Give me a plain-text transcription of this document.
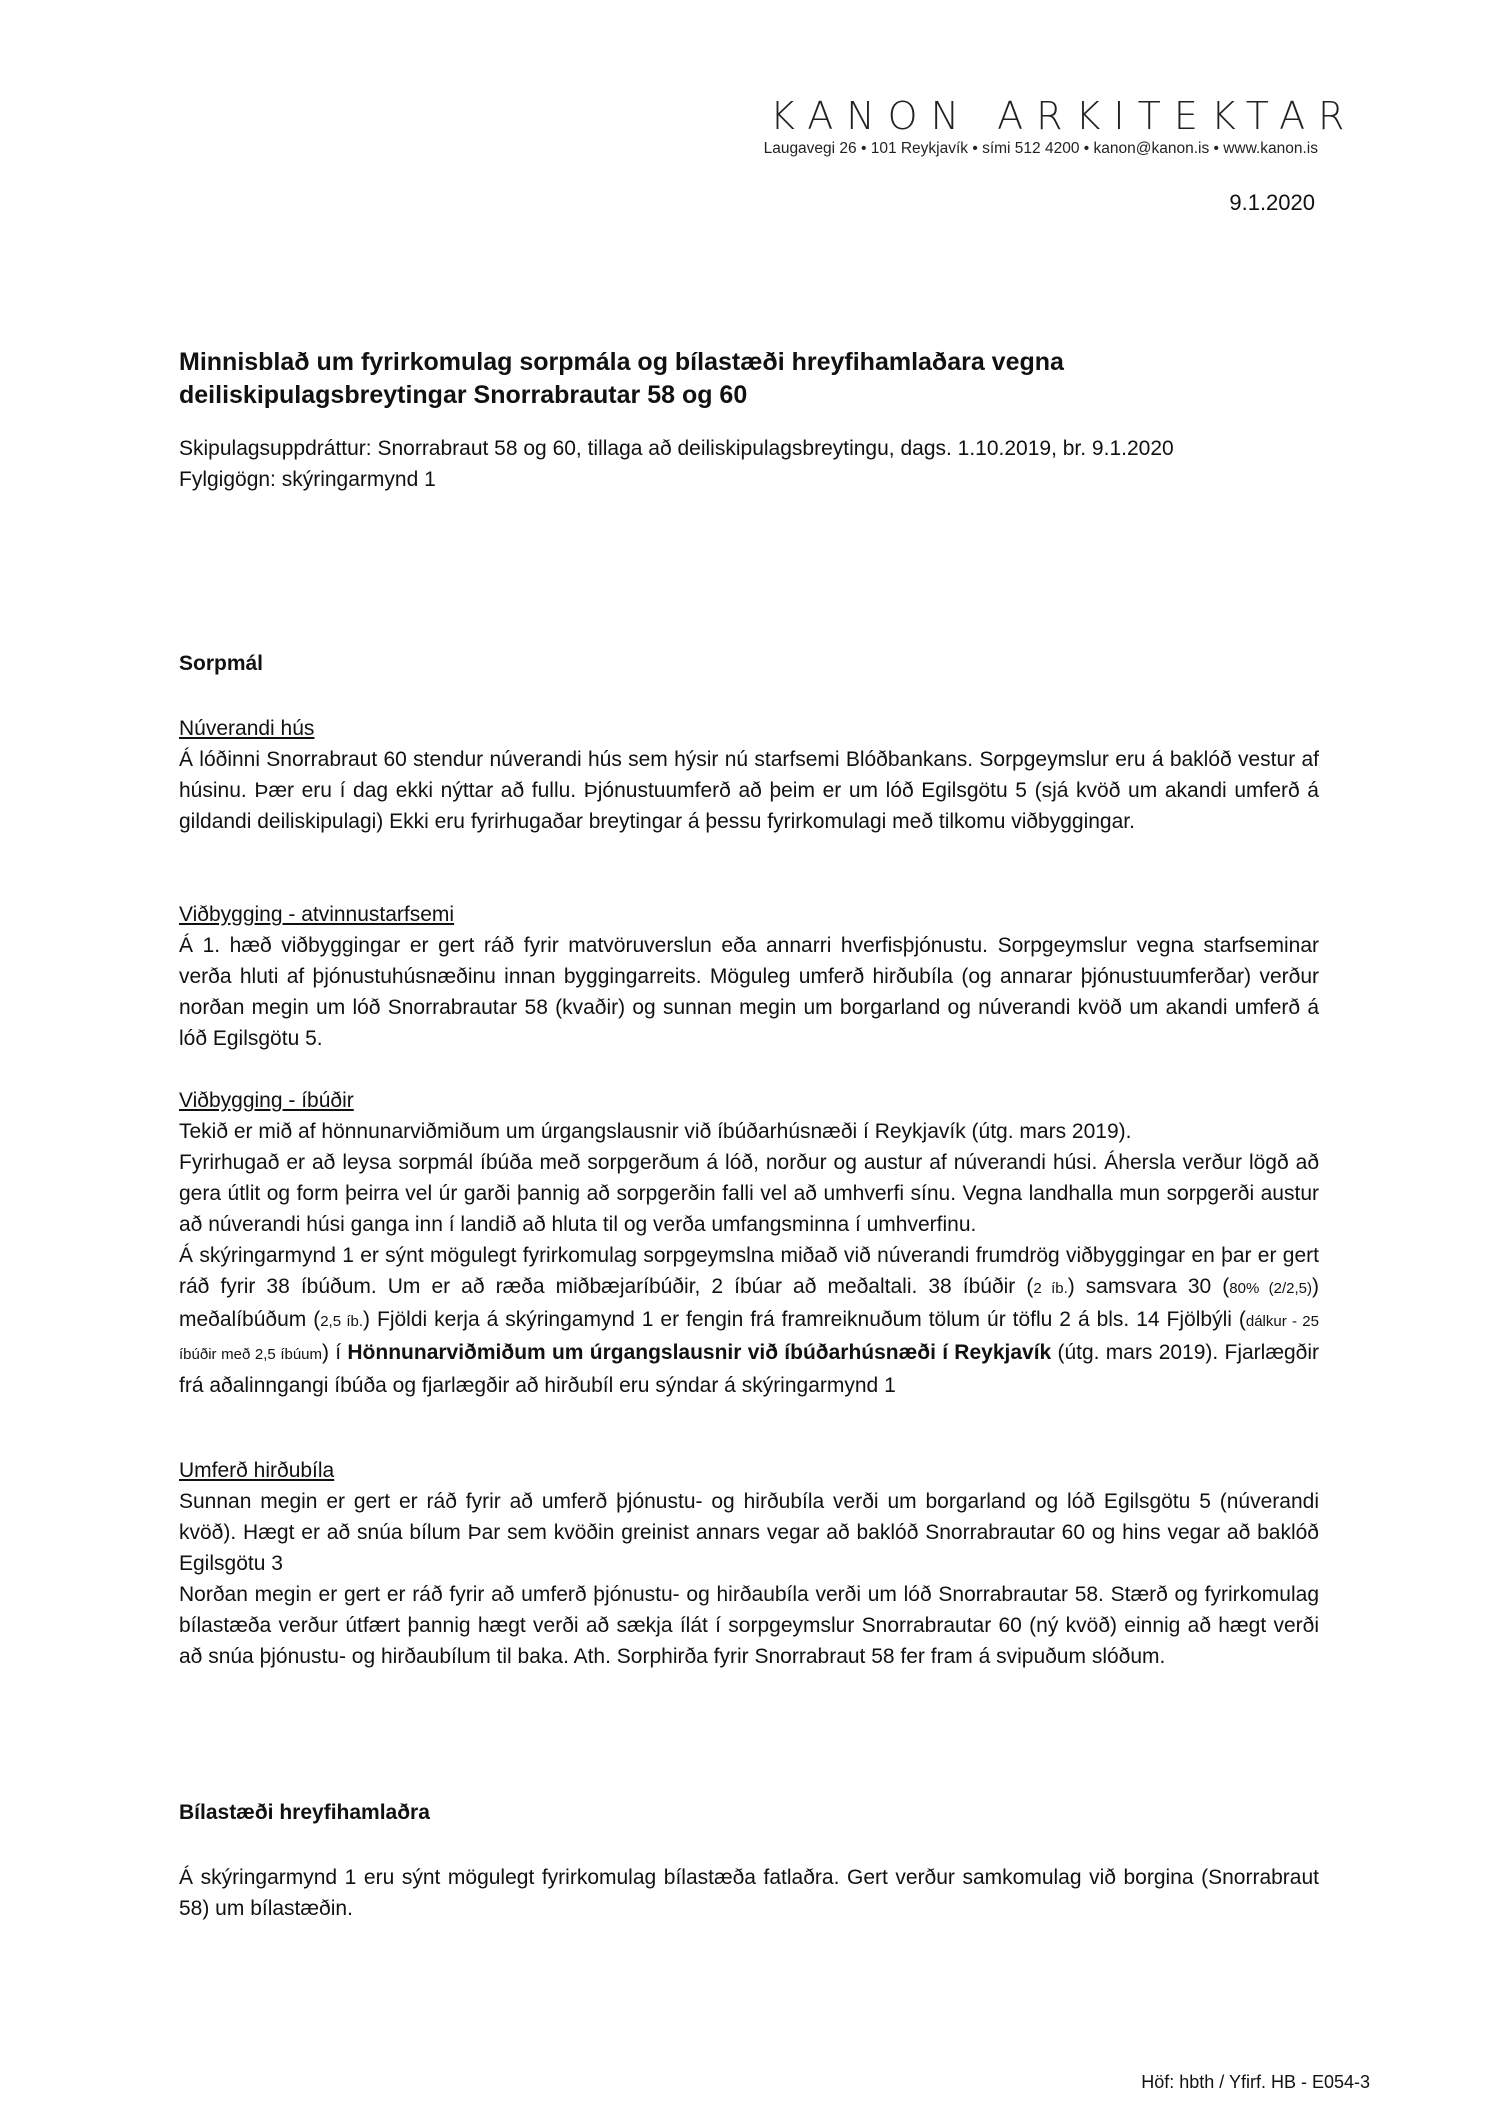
KANON ARKITEKTAR
Laugavegi 26 • 101 Reykjavík • sími 512 4200 • kanon@kanon.is • www.kanon.is
9.1.2020
Minnisblað um fyrirkomulag sorpmála og bílastæði hreyfihamlaðara vegna
deiliskipulagsbreytingar Snorrabrautar 58 og 60
Skipulagsuppdráttur: Snorrabraut 58 og 60, tillaga að deiliskipulagsbreytingu, dags. 1.10.2019, br. 9.1.2020
Fylgigögn: skýringarmynd 1
Sorpmál
Núverandi hús

Á lóðinni Snorrabraut 60 stendur núverandi hús sem hýsir nú starfsemi Blóðbankans. Sorpgeymslur eru á baklóð vestur af húsinu. Þær eru í dag ekki nýttar að fullu. Þjónustuumferð að þeim er um lóð Egilsgötu 5 (sjá kvöð um akandi umferð á gildandi deiliskipulagi) Ekki eru fyrirhugaðar breytingar á þessu fyrirkomulagi með tilkomu viðbyggingar.

Viðbygging - atvinnustarfsemi

Á 1. hæð viðbyggingar er gert ráð fyrir matvöruverslun eða annarri hverfisþjónustu. Sorpgeymslur vegna starfseminar verða hluti af þjónustuhúsnæðinu innan byggingarreits. Möguleg umferð hirðubíla (og annarar þjónustuumferðar) verður norðan megin um lóð Snorrabrautar 58 (kvaðir) og sunnan megin um borgarland og núverandi kvöð um akandi umferð á lóð Egilsgötu 5.

Viðbygging - íbúðir

Tekið er mið af hönnunarviðmiðum um úrgangslausnir við íbúðarhúsnæði í Reykjavík (útg. mars 2019).

Fyrirhugað er að leysa sorpmál íbúða með sorpgerðum á lóð, norður og austur af núverandi húsi. Áhersla verður lögð að gera útlit og form þeirra vel úr garði þannig að sorpgerðin falli vel að umhverfi sínu. Vegna landhalla mun sorpgerði austur að núverandi húsi ganga inn í landið að hluta til og verða umfangsminna í umhverfinu.

Á skýringarmynd 1 er sýnt mögulegt fyrirkomulag sorpgeymslna miðað við núverandi frumdrög viðbyggingar en þar er gert ráð fyrir 38 íbúðum. Um er að ræða miðbæjaríbúðir, 2 íbúar að meðaltali. 38 íbúðir (2 íb.) samsvara 30 (80% (2/2,5)) meðalíbúðum (2,5 íb.) Fjöldi kerja á skýringamynd 1 er fengin frá framreiknuðum tölum úr töflu 2 á bls. 14 Fjölbýli (dálkur - 25 íbúðir með 2,5 íbúum) í Hönnunarviðmiðum um úrgangslausnir við íbúðarhúsnæði í Reykjavík (útg. mars 2019). Fjarlægðir frá aðalinngangi íbúða og fjarlægðir að hirðubíl eru sýndar á skýringarmynd 1

Umferð hirðubíla

Sunnan megin er gert er ráð fyrir að umferð þjónustu- og hirðubíla verði um borgarland og lóð Egilsgötu 5 (núverandi kvöð). Hægt er að snúa bílum Þar sem kvöðin greinist annars vegar að baklóð Snorrabrautar 60 og hins vegar að baklóð Egilsgötu 3

Norðan megin er gert er ráð fyrir að umferð þjónustu- og hirðaubíla verði um lóð Snorrabrautar 58. Stærð og fyrirkomulag bílastæða verður útfært þannig hægt verði að sækja ílát í sorpgeymslur Snorrabrautar 60 (ný kvöð) einnig að hægt verði að snúa þjónustu- og hirðaubílum til baka. Ath. Sorphirða fyrir Snorrabraut 58 fer fram á svipuðum slóðum.

Bílastæði hreyfihamlaðra

Á skýringarmynd 1 eru sýnt mögulegt fyrirkomulag bílastæða fatlaðra. Gert verður samkomulag við borgina (Snorrabraut 58) um bílastæðin.

Höf: hbth / Yfirf. HB - E054-3
